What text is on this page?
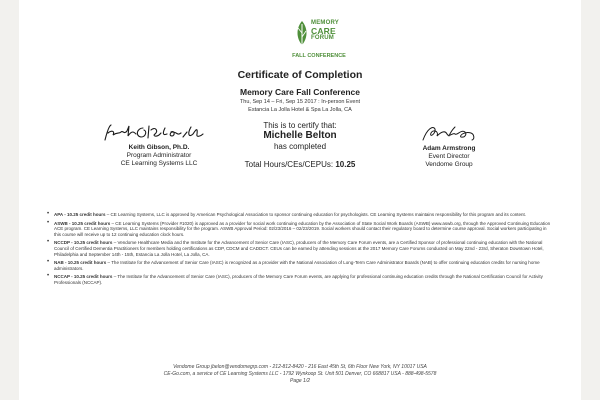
MEMORY

CARE
FORUM
FALL CONFERENCE
Certificate of Completion
Memory Care Fall Conference
Thu, Sep 14 – Fri, Sep 15 2017 : In-person Event
Estancia La Jolla Hotel & Spa La Jolla, CA
This is to certify that:
Michelle Belton
has completed
Total Hours/CEs/CEPUs: 10.25
Keith Gibson, Ph.D.
Program Administrator
CE Learning Systems LLC
Adam Armstrong
Event Director
Vendome Group
•	APA - 10.25 credit hours – CE Learning Systems, LLC is approved by American Psychological Association to sponsor continuing education for psychologists. CE Learning Systems maintains responsibility for this program and its content.
•	ASWB - 10.25 credit hours – CE Learning Systems (Provider #1020) is approved as a provider for social work continuing education by the Association of State Social Work Boards (ASWB) www.aswb.org, through the Approved Continuing Education ACE program. CE Learning Systems, LLC maintains responsibility for the program. ASWB Approval Period: 02/23/2016 – 02/23/2019. Social workers should contact their regulatory board to determine course approval. Social workers participating in this course will receive up to 12 continuing education clock hours.
•	NCCDP - 10.25 credit hours – Vendome Healthcare Media and the Institute for the Advancement of Senior Care (IASC), producers of the Memory Care Forum events, are a Certified Sponsor of professional continuing education with the National Council of Certified Dementia Practitioners for members holding certifications as CDP, CDCM and CADDCT. CEUs can be earned by attending sessions at the 2017 Memory Care Forums conducted on May 22nd - 23rd, Sheraton Downtown Hotel, Philadelphia and September 14th - 15th, Estancia La Jolla Hotel, La Jolla, CA.
•	NAB - 10.25 credit hours – The Institute for the Advancement of Senior Care (IASC) is recognized as a provider with the National Association of Long-Term Care Administrator Boards (NAB) to offer continuing education credits for nursing home administrators.
•	NCCAP - 10.25 credit hours – The Institute for the Advancement of Senior Care (IASC), producers of the Memory Care Forum events, are applying for professional continuing education credits through the National Certification Council for Activity Professionals (NCCAP).
Vendome Group jbelon@vendomegrp.com - 212-812-8420 - 216 East 45th St, 6th Floor New York, NY 10017 USA
CE-Go.com, a service of CE Learning Systems LLC - 1792 Wynkoop St. Unit 501 Denver, CO 668817 USA - 888-498-5578
Page 1/2
